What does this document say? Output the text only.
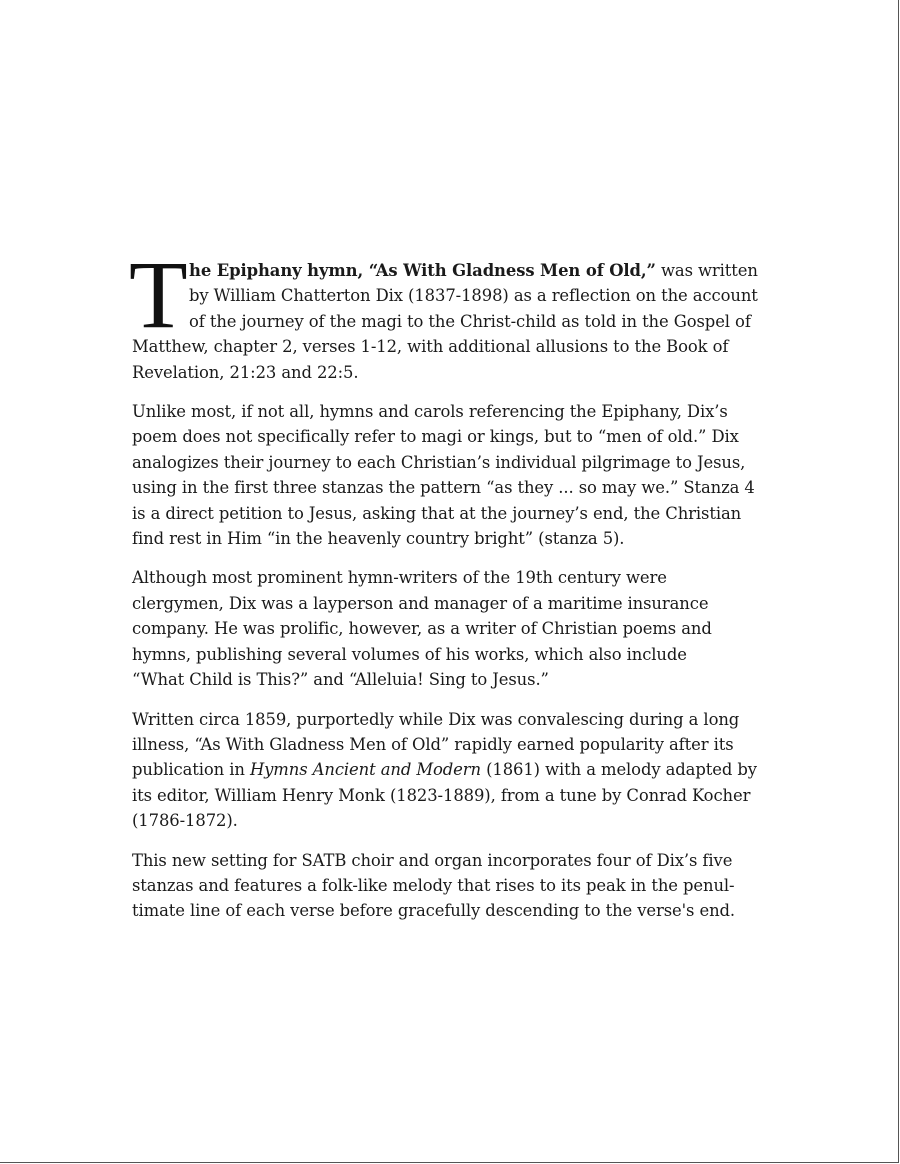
T he Epiphany hymn, “As With Gladness Men of Old,” was written
by William Chatterton Dix (1837-1898) as a reflection on the account
of the journey of the magi to the Christ-child as told in the Gospel of
Matthew, chapter 2, verses 1-12, with additional allusions to the Book of
Revelation, 21:23 and 22:5.

Unlike most, if not all, hymns and carols referencing the Epiphany, Dix’s
poem does not specifically refer to magi or kings, but to “men of old.” Dix
analogizes their journey to each Christian’s individual pilgrimage to Jesus,
using in the first three stanzas the pattern “as they ... so may we.” Stanza 4
is a direct petition to Jesus, asking that at the journey’s end, the Christian
find rest in Him “in the heavenly country bright” (stanza 5).

Although most prominent hymn-writers of the 19th century were
clergymen, Dix was a layperson and manager of a maritime insurance
company. He was prolific, however, as a writer of Christian poems and
hymns, publishing several volumes of his works, which also include
“What Child is This?” and “Alleluia! Sing to Jesus.”

Written circa 1859, purportedly while Dix was convalescing during a long
illness, “As With Gladness Men of Old” rapidly earned popularity after its
publication in Hymns Ancient and Modern (1861) with a melody adapted by
its editor, William Henry Monk (1823-1889), from a tune by Conrad Kocher
(1786-1872).

This new setting for SATB choir and organ incorporates four of Dix’s five
stanzas and features a folk-like melody that rises to its peak in the penul-
timate line of each verse before gracefully descending to the verse's end.
